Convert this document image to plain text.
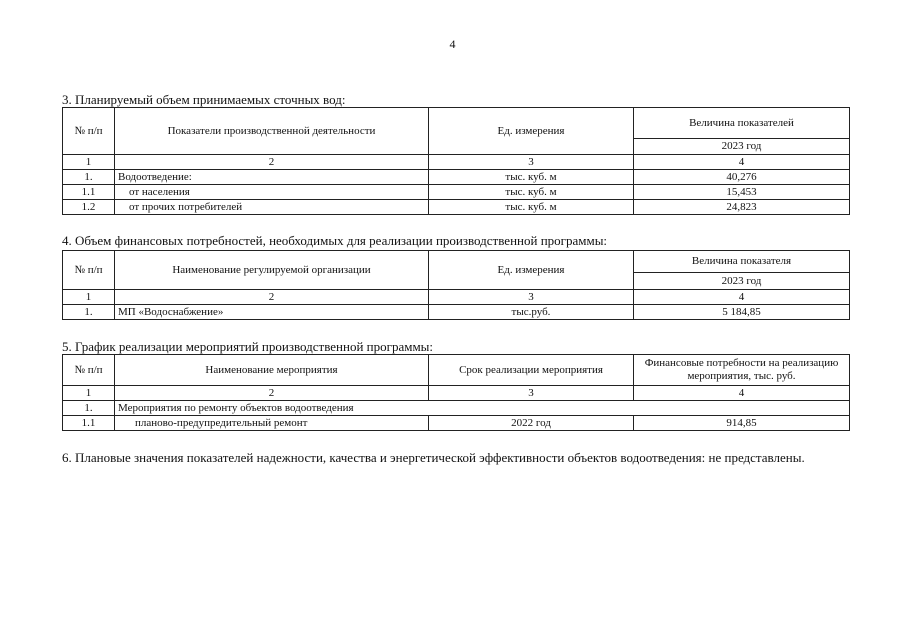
4
3. Планируемый объем принимаемых сточных вод:
№ п/п	Показатели производственной деятельности	Ед. измерения	Величина показателей
			2023 год
1	2	3	4
1.	Водоотведение:	тыс. куб. м	40,276
1.1	от населения	тыс. куб. м	15,453
1.2	от прочих потребителей	тыс. куб. м	24,823
4. Объем финансовых потребностей, необходимых для реализации производственной программы:
№ п/п	Наименование регулируемой организации	Ед. измерения	Величина показателя
			2023 год
1	2	3	4
1.	МП «Водоснабжение»	тыс.руб.	5 184,85
5. График реализации мероприятий производственной программы:
№ п/п	Наименование мероприятия	Срок реализации мероприятия	Финансовые потребности на реализацию мероприятия, тыс. руб.
1	2	3	4
1.	Мероприятия по ремонту объектов водоотведения		
1.1	планово-предупредительный ремонт	2022 год	914,85
6. Плановые значения показателей надежности, качества и энергетической эффективности объектов водоотведения: не представлены.
